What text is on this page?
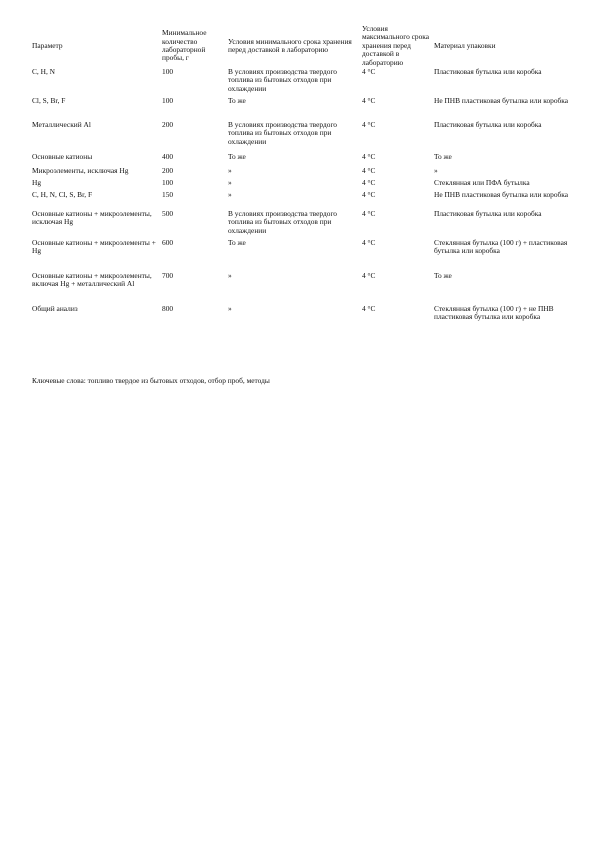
Параметр	Минимальное количество лабораторной пробы, г	Условия минимального срока хранения перед доставкой в лабораторию	Условия максимального срока хранения перед доставкой в лабораторию	Материал упаковки
C, H, N	100	В условиях производства твердого топлива из бытовых отходов при охлаждении	4 °C	Пластиковая бутылка или коробка
Cl, S, Br, F	100	То же	4 °C	Не ПНВ пластиковая бутылка или коробка
Металлический Al	200	В условиях производства твердого топлива из бытовых отходов при охлаждении	4 °C	Пластиковая бутылка или коробка
Основные катионы	400	То же	4 °C	То же
Микроэлементы, исключая Hg	200	»	4 °C	»
Hg	100	»	4 °C	Стеклянная или ПФА бутылка
C, H, N, Cl, S, Br, F	150	»	4 °C	Не ПНВ пластиковая бутылка или коробка
Основные катионы + микроэлементы, исключая Hg	500	В условиях производства твердого топлива из бытовых отходов при охлаждении	4 °C	Пластиковая бутылка или коробка
Основные катионы + микроэлементы + Hg	600	То же	4 °C	Стеклянная бутылка (100 г) + пластиковая бутылка или коробка
Основные катионы + микроэлементы, включая Hg + металлический Al	700	»	4 °C	То же
Общий анализ	800	»	4 °C	Стеклянная бутылка (100 г) + не ПНВ пластиковая бутылка или коробка
Ключевые слова: топливо твердое из бытовых отходов, отбор проб, методы
